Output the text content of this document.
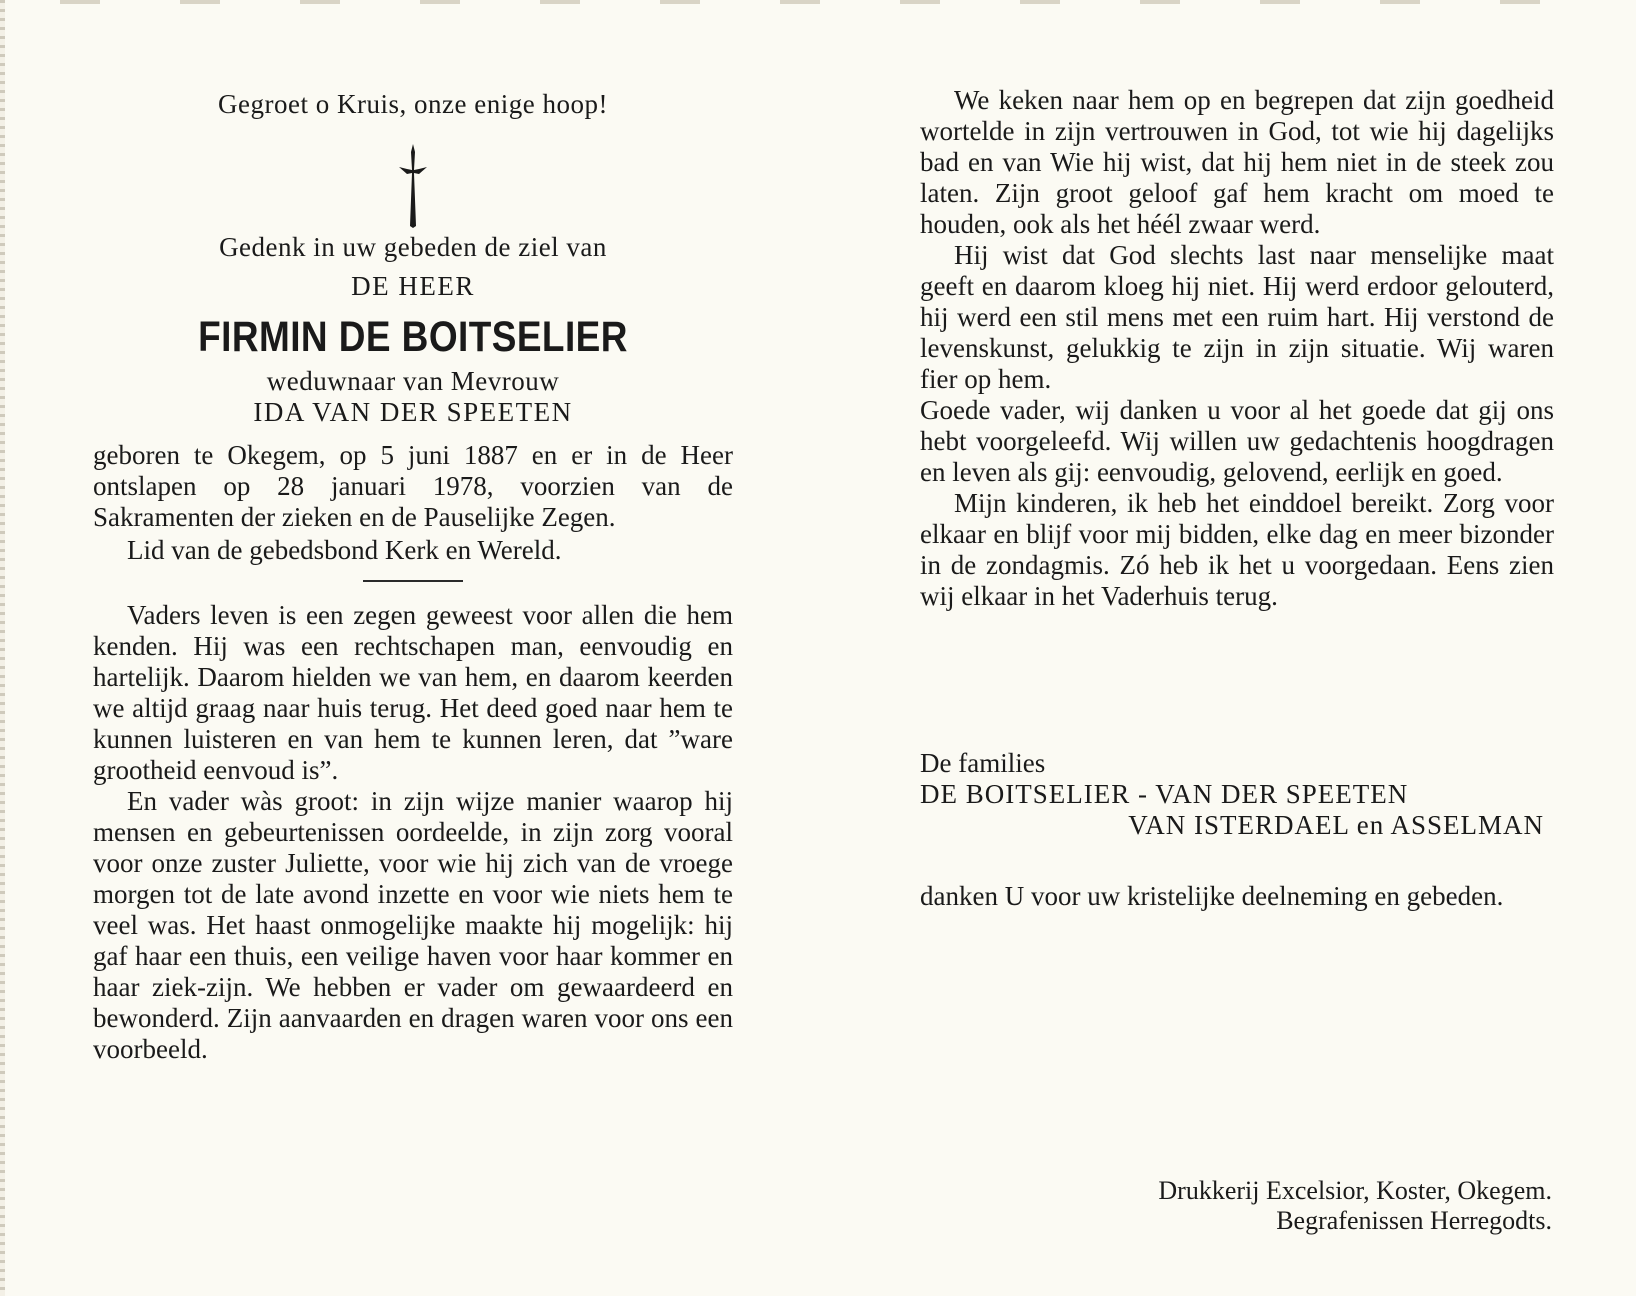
Gegroet o Kruis, onze enige hoop!

Gedenk in uw gebeden de ziel van

DE HEER

FIRMIN DE BOITSELIER

weduwnaar van Mevrouw

IDA VAN DER SPEETEN

geboren te Okegem, op 5 juni 1887 en er in de Heer ontslapen op 28 januari 1978, voorzien van de Sakramenten der zieken en de Pauselijke Zegen.

Lid van de gebedsbond Kerk en Wereld.

Vaders leven is een zegen geweest voor allen die hem kenden. Hij was een rechtschapen man, eenvoudig en hartelijk. Daarom hielden we van hem, en daarom keerden we altijd graag naar huis terug. Het deed goed naar hem te kunnen luisteren en van hem te kunnen leren, dat ”ware grootheid eenvoud is”.

En vader wàs groot: in zijn wijze manier waarop hij mensen en gebeurtenissen oordeelde, in zijn zorg vooral voor onze zuster Juliette, voor wie hij zich van de vroege morgen tot de late avond inzette en voor wie niets hem te veel was. Het haast onmogelijke maakte hij mogelijk: hij gaf haar een thuis, een veilige haven voor haar kommer en haar ziek-zijn. We hebben er vader om gewaardeerd en bewonderd. Zijn aanvaarden en dragen waren voor ons een voorbeeld.

We keken naar hem op en begrepen dat zijn goedheid wortelde in zijn vertrouwen in God, tot wie hij dagelijks bad en van Wie hij wist, dat hij hem niet in de steek zou laten. Zijn groot geloof gaf hem kracht om moed te houden, ook als het héél zwaar werd.

Hij wist dat God slechts last naar menselijke maat geeft en daarom kloeg hij niet. Hij werd erdoor gelouterd, hij werd een stil mens met een ruim hart. Hij verstond de levenskunst, gelukkig te zijn in zijn situatie. Wij waren fier op hem.

Goede vader, wij danken u voor al het goede dat gij ons hebt voorgeleefd. Wij willen uw gedachtenis hoogdragen en leven als gij: eenvoudig, gelovend, eerlijk en goed.

Mijn kinderen, ik heb het einddoel bereikt. Zorg voor elkaar en blijf voor mij bidden, elke dag en meer bizonder in de zondagmis. Zó heb ik het u voorgedaan. Eens zien wij elkaar in het Vaderhuis terug.

De families

DE BOITSELIER - VAN DER SPEETEN

VAN ISTERDAEL en ASSELMAN

danken U voor uw kristelijke deelneming en gebeden.

Drukkerij Excelsior, Koster, Okegem.

Begrafenissen Herregodts.
